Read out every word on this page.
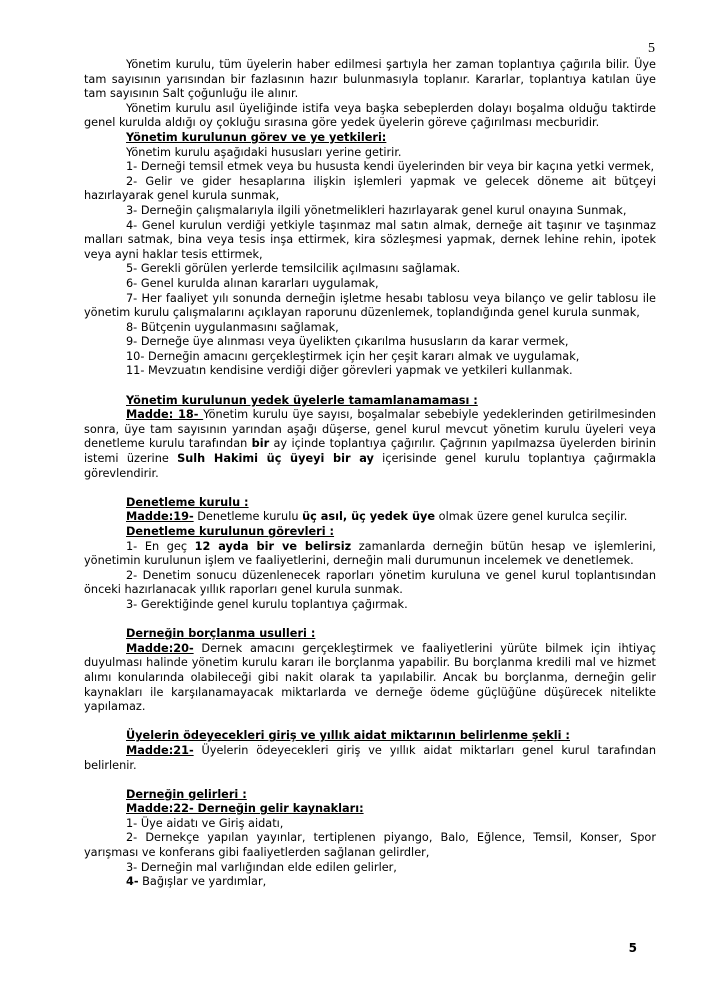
5

Yönetim kurulu, tüm üyelerin haber edilmesi şartıyla her zaman toplantıya çağırıla bilir. Üye tam sayısının yarısından bir fazlasının hazır bulunmasıyla toplanır. Kararlar, toplantıya katılan üye tam sayısının Salt çoğunluğu ile alınır.

Yönetim kurulu asıl üyeliğinde istifa veya başka sebeplerden dolayı boşalma olduğu taktirde genel kurulda aldığı oy çokluğu sırasına göre yedek üyelerin göreve çağırılması mecburidir.

Yönetim kurulunun görev ve ye yetkileri:

Yönetim kurulu aşağıdaki hususları yerine getirir.

1- Derneği temsil etmek veya bu hususta kendi üyelerinden bir veya bir kaçına yetki vermek,

2- Gelir ve gider hesaplarına ilişkin işlemleri yapmak ve gelecek döneme ait bütçeyi hazırlayarak genel kurula sunmak,

3- Derneğin çalışmalarıyla ilgili yönetmelikleri hazırlayarak genel kurul onayına Sunmak,

4- Genel kurulun verdiği yetkiyle taşınmaz mal satın almak, derneğe ait taşınır ve taşınmaz malları satmak, bina veya tesis inşa ettirmek, kira sözleşmesi yapmak, dernek lehine rehin, ipotek veya ayni haklar tesis ettirmek,

5- Gerekli görülen yerlerde temsilcilik açılmasını sağlamak.

6- Genel kurulda alınan kararları uygulamak,

7- Her faaliyet yılı sonunda derneğin işletme hesabı tablosu veya bilanço ve gelir tablosu ile yönetim kurulu çalışmalarını açıklayan raporunu düzenlemek, toplandığında genel kurula sunmak,

8- Bütçenin uygulanmasını sağlamak,

9- Derneğe üye alınması veya üyelikten çıkarılma hususların da karar vermek,

10- Derneğin amacını gerçekleştirmek için her çeşit kararı almak ve uygulamak,

11- Mevzuatın kendisine verdiği diğer görevleri yapmak ve yetkileri kullanmak.

Yönetim kurulunun yedek üyelerle tamamlanamaması :

Madde: 18- Yönetim kurulu üye sayısı, boşalmalar sebebiyle yedeklerinden getirilmesinden sonra, üye tam sayısının yarından aşağı düşerse, genel kurul mevcut yönetim kurulu üyeleri veya denetleme kurulu tarafından bir ay içinde toplantıya çağırılır. Çağrının yapılmazsa üyelerden birinin istemi üzerine Sulh Hakimi üç üyeyi bir ay içerisinde genel kurulu toplantıya çağırmakla görevlendirir.

Denetleme kurulu :

Madde:19- Denetleme kurulu üç asıl, üç yedek üye olmak üzere genel kurulca seçilir.

Denetleme kurulunun görevleri :

1- En geç 12 ayda bir ve belirsiz zamanlarda derneğin bütün hesap ve işlemlerini, yönetimin kurulunun işlem ve faaliyetlerini, derneğin mali durumunun incelemek ve denetlemek.

2- Denetim sonucu düzenlenecek raporları yönetim kuruluna ve genel kurul toplantısından önceki hazırlanacak yıllık raporları genel kurula sunmak.

3- Gerektiğinde genel kurulu toplantıya çağırmak.

Derneğin borçlanma usulleri :

Madde:20- Dernek amacını gerçekleştirmek ve faaliyetlerini yürüte bilmek için ihtiyaç duyulması halinde yönetim kurulu kararı ile borçlanma yapabilir. Bu borçlanma kredili mal ve hizmet alımı konularında olabileceği gibi nakit olarak ta yapılabilir. Ancak bu borçlanma, derneğin gelir kaynakları ile karşılanamayacak miktarlarda ve derneğe ödeme güçlüğüne düşürecek nitelikte yapılamaz.

Üyelerin ödeyecekleri giriş ve yıllık aidat miktarının belirlenme şekli :

Madde:21- Üyelerin ödeyecekleri giriş ve yıllık aidat miktarları genel kurul tarafından belirlenir.

Derneğin gelirleri :

Madde:22- Derneğin gelir kaynakları:

1- Üye aidatı ve Giriş aidatı,

2- Dernekçe yapılan yayınlar, tertiplenen piyango, Balo, Eğlence, Temsil, Konser, Spor yarışması ve konferans gibi faaliyetlerden sağlanan gelirdler,

3- Derneğin mal varlığından elde edilen gelirler,

4- Bağışlar ve yardımlar,

5
